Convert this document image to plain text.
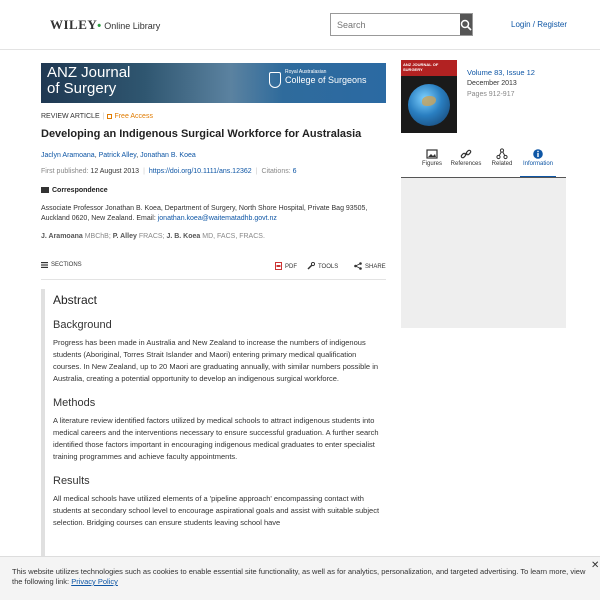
WILEY• Online Library
Search	Login / Register
ANZ Journal
of Surgery
Royal Australasian
College of Surgeons
REVIEW ARTICLE | Free Access
Developing an Indigenous Surgical Workforce for Australasia
Jaclyn Aramoana, Patrick Alley, Jonathan B. Koea
First published: 12 August 2013 | https://doi.org/10.1111/ans.12362 | Citations: 6
Correspondence
Associate Professor Jonathan B. Koea, Department of Surgery, North Shore Hospital, Private Bag 93505, Auckland 0620, New Zealand. Email: jonathan.koea@waitematadhb.govt.nz
J. Aramoana MBChB; P. Alley FRACS; J. B. Koea MD, FACS, FRACS.
SECTIONS	PDF	TOOLS	SHARE
Abstract
Background
Progress has been made in Australia and New Zealand to increase the numbers of indigenous students (Aboriginal, Torres Strait Islander and Maori) entering primary medical qualification courses. In New Zealand, up to 20 Maori are graduating annually, with similar numbers possible in Australia, creating a potential opportunity to develop an indigenous surgical workforce.
Methods
A literature review identified factors utilized by medical schools to attract indigenous students into medical careers and the interventions necessary to ensure successful graduation. A further search identified those factors important in encouraging indigenous medical graduates to enter specialist training programmes and achieve faculty appointments.
Results
All medical schools have utilized elements of a 'pipeline approach' encompassing contact with students at secondary school level to encourage aspirational goals and assist with suitable subject selection. Bridging courses can ensure students leaving school have
ANZ JOURNAL OF SURGERY	Volume 83, Issue 12
December 2013
Pages 912-917
Figures	References	Related	Information
This website utilizes technologies such as cookies to enable essential site functionality, as well as for analytics, personalization, and targeted advertising. To learn more, view the following link: Privacy Policy
✕
